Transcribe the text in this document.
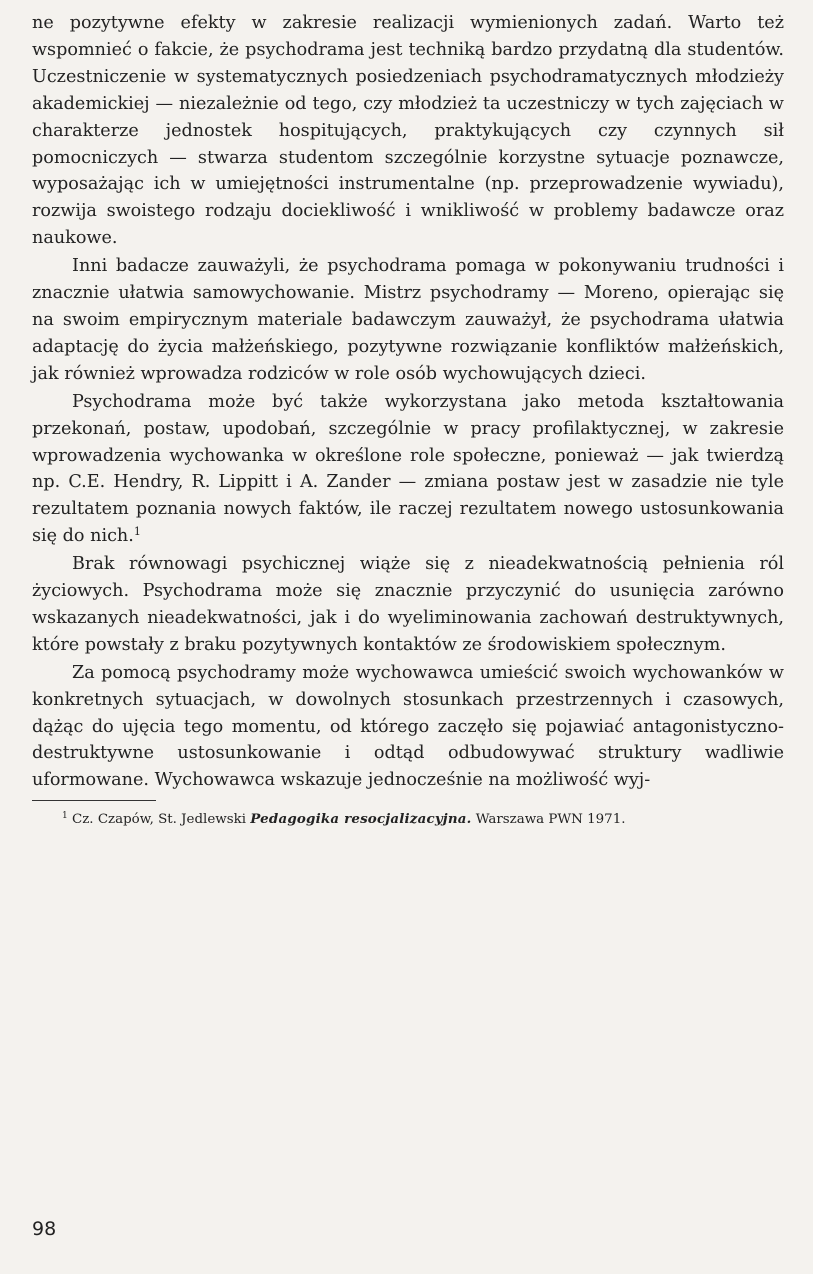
ne pozytywne efekty w zakresie realizacji wymienionych zadań. Warto też wspomnieć o fakcie, że psychodrama jest techniką bardzo przydatną dla studentów. Uczestniczenie w systematycznych posiedzeniach psychodramatycznych młodzieży akademickiej — niezależnie od tego, czy młodzież ta uczestniczy w tych zajęciach w charakterze jednostek hospitujących, praktykujących czy czynnych sił pomocniczych — stwarza studentom szczególnie korzystne sytuacje poznawcze, wyposażając ich w umiejętności instrumentalne (np. przeprowadzenie wywiadu), rozwija swoistego rodzaju dociekliwość i wnikliwość w problemy badawcze oraz naukowe.

Inni badacze zauważyli, że psychodrama pomaga w pokonywaniu trudności i znacznie ułatwia samowychowanie. Mistrz psychodramy — Moreno, opierając się na swoim empirycznym materiale badawczym zauważył, że psychodrama ułatwia adaptację do życia małżeńskiego, pozytywne rozwiązanie konfliktów małżeńskich, jak również wprowadza rodziców w role osób wychowujących dzieci.

Psychodrama może być także wykorzystana jako metoda kształtowania przekonań, postaw, upodobań, szczególnie w pracy profilaktycznej, w zakresie wprowadzenia wychowanka w określone role społeczne, ponieważ — jak twierdzą np. C.E. Hendry, R. Lippitt i A. Zander — zmiana postaw jest w zasadzie nie tyle rezultatem poznania nowych faktów, ile raczej rezultatem nowego ustosunkowania się do nich.$^1$

Brak równowagi psychicznej wiąże się z nieadekwatnością pełnienia ról życiowych. Psychodrama może się znacznie przyczynić do usunięcia zarówno wskazanych nieadekwatności, jak i do wyeliminowania zachowań destruktywnych, które powstały z braku pozytywnych kontaktów ze środowiskiem społecznym.

Za pomocą psychodramy może wychowawca umieścić swoich wychowanków w konkretnych sytuacjach, w dowolnych stosunkach przestrzennych i czasowych, dążąc do ujęcia tego momentu, od którego zaczęło się pojawiać antagonistyczno-destruktywne ustosunkowanie i odtąd odbudowywać struktury wadliwie uformowane. Wychowawca wskazuje jednocześnie na możliwość wyj-

$^1$ Cz. Czapów, St. Jedlewski Pedagogika resocjalizacyjna. Warszawa PWN 1971.

98
